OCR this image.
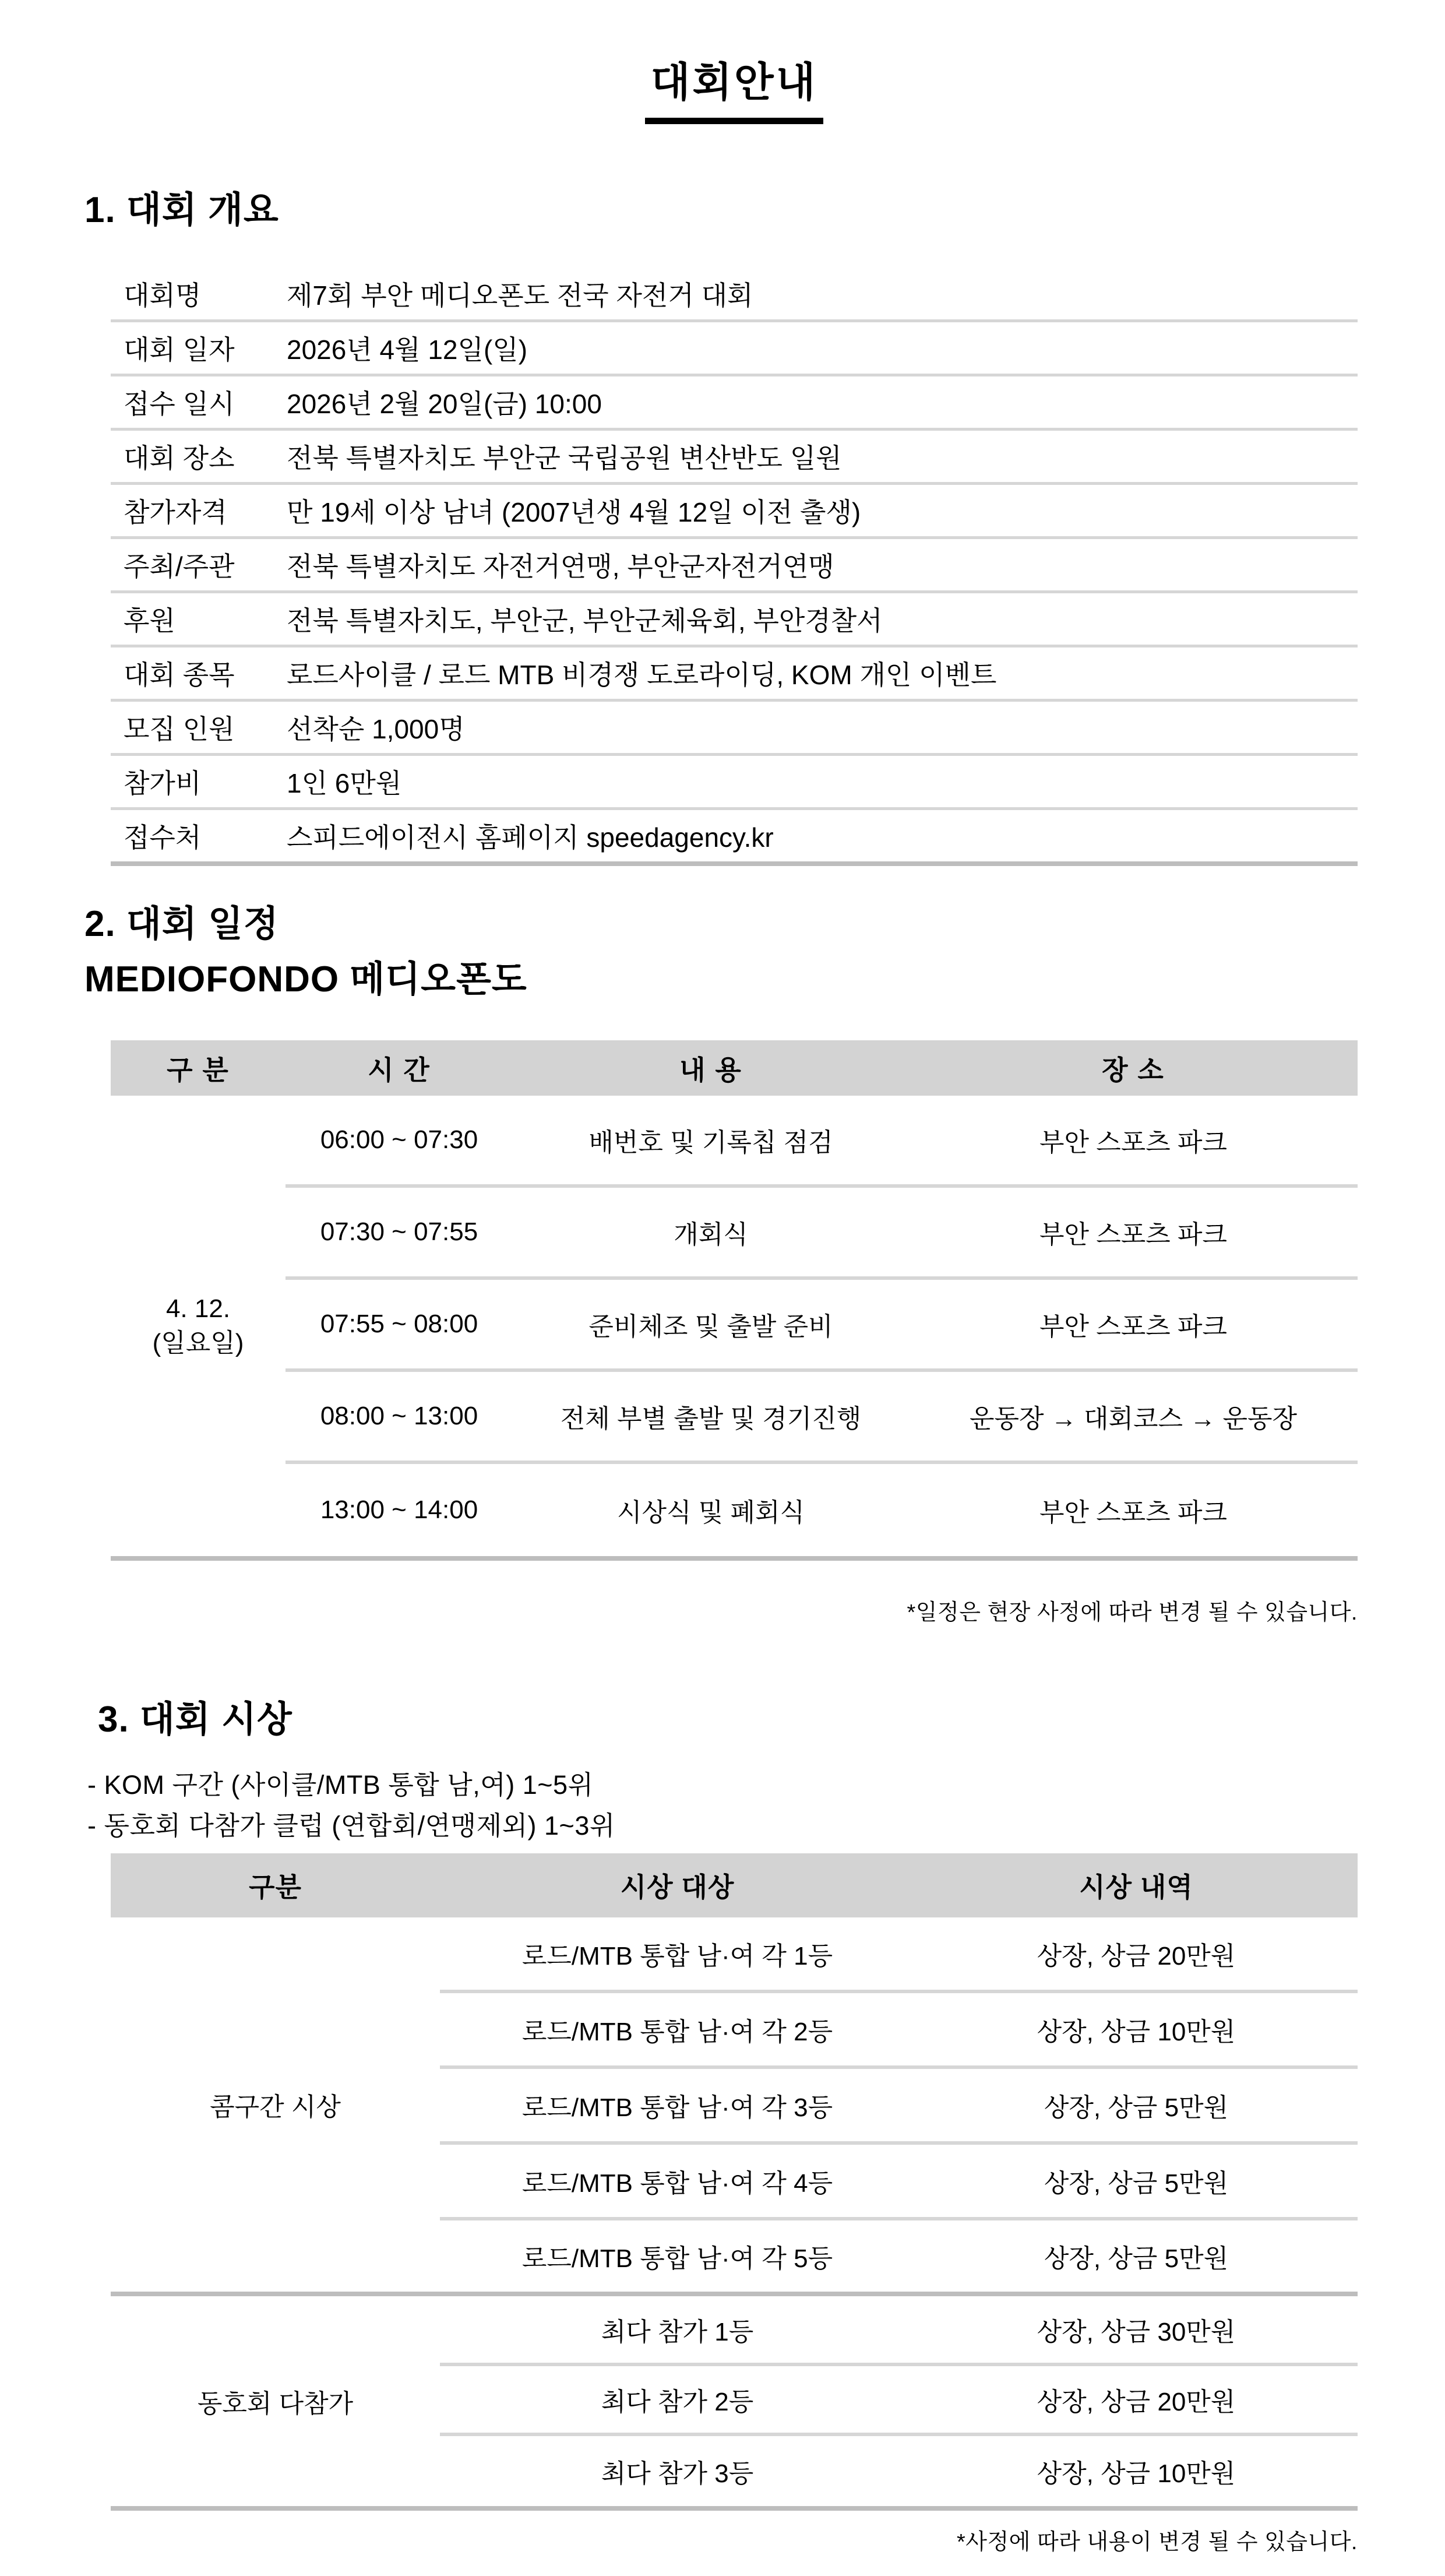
대회안내
1. 대회 개요
대회명	제7회 부안 메디오폰도 전국 자전거 대회
대회 일자	2026년 4월 12일(일)
접수 일시	2026년 2월 20일(금) 10:00
대회 장소	전북 특별자치도 부안군 국립공원 변산반도 일원
참가자격	만 19세 이상 남녀 (2007년생 4월 12일 이전 출생)
주최/주관	전북 특별자치도 자전거연맹, 부안군자전거연맹
후원	전북 특별자치도, 부안군, 부안군체육회, 부안경찰서
대회 종목	로드사이클 / 로드 MTB 비경쟁 도로라이딩, KOM 개인 이벤트
모집 인원	선착순 1,000명
참가비	1인 6만원
접수처	스피드에이전시 홈페이지 speedagency.kr
2. 대회 일정
MEDIOFONDO 메디오폰도
구 분	시 간	내 용	장 소
4. 12.
(일요일)
06:00 ~ 07:30	배번호 및 기록칩 점검	부안 스포츠 파크
07:30 ~ 07:55	개회식	부안 스포츠 파크
07:55 ~ 08:00	준비체조 및 출발 준비	부안 스포츠 파크
08:00 ~ 13:00	전체 부별 출발 및 경기진행	운동장 → 대회코스 → 운동장
13:00 ~ 14:00	시상식 및 폐회식	부안 스포츠 파크
*일정은 현장 사정에 따라 변경 될 수 있습니다.
3. 대회 시상
- KOM 구간 (사이클/MTB 통합 남,여) 1~5위
- 동호회 다참가 클럽 (연합회/연맹제외) 1~3위
구분	시상 대상	시상 내역
콤구간 시상
동호회 다참가
로드/MTB 통합 남·여 각 1등	상장, 상금 20만원
로드/MTB 통합 남·여 각 2등	상장, 상금 10만원
로드/MTB 통합 남·여 각 3등	상장, 상금 5만원
로드/MTB 통합 남·여 각 4등	상장, 상금 5만원
로드/MTB 통합 남·여 각 5등	상장, 상금 5만원
최다 참가 1등	상장, 상금 30만원
최다 참가 2등	상장, 상금 20만원
최다 참가 3등	상장, 상금 10만원
*사정에 따라 내용이 변경 될 수 있습니다.
